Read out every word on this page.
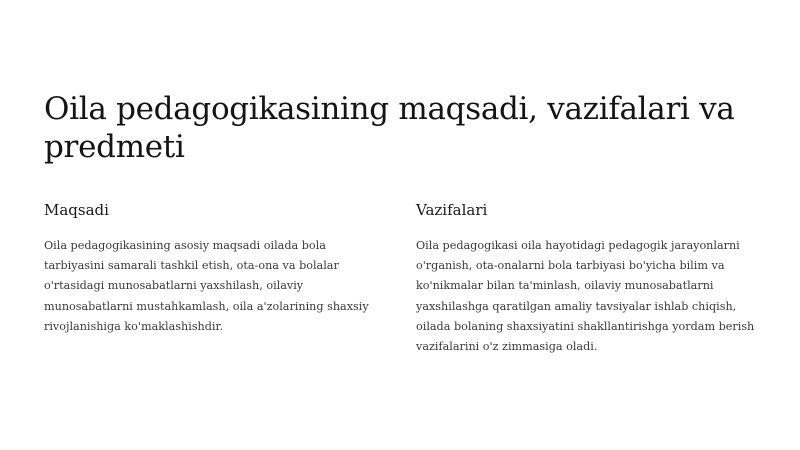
Oila pedagogikasining maqsadi, vazifalari va predmeti
Maqsadi

Oila pedagogikasining asosiy maqsadi oilada bola tarbiyasini samarali tashkil etish, ota-ona va bolalar o'rtasidagi munosabatlarni yaxshilash, oilaviy munosabatlarni mustahkamlash, oila a'zolarining shaxsiy rivojlanishiga ko'maklashishdir.

Vazifalari

Oila pedagogikasi oila hayotidagi pedagogik jarayonlarni o'rganish, ota-onalarni bola tarbiyasi bo'yicha bilim va ko'nikmalar bilan ta'minlash, oilaviy munosabatlarni yaxshilashga qaratilgan amaliy tavsiyalar ishlab chiqish, oilada bolaning shaxsiyatini shakllantirishga yordam berish vazifalarini o'z zimmasiga oladi.
